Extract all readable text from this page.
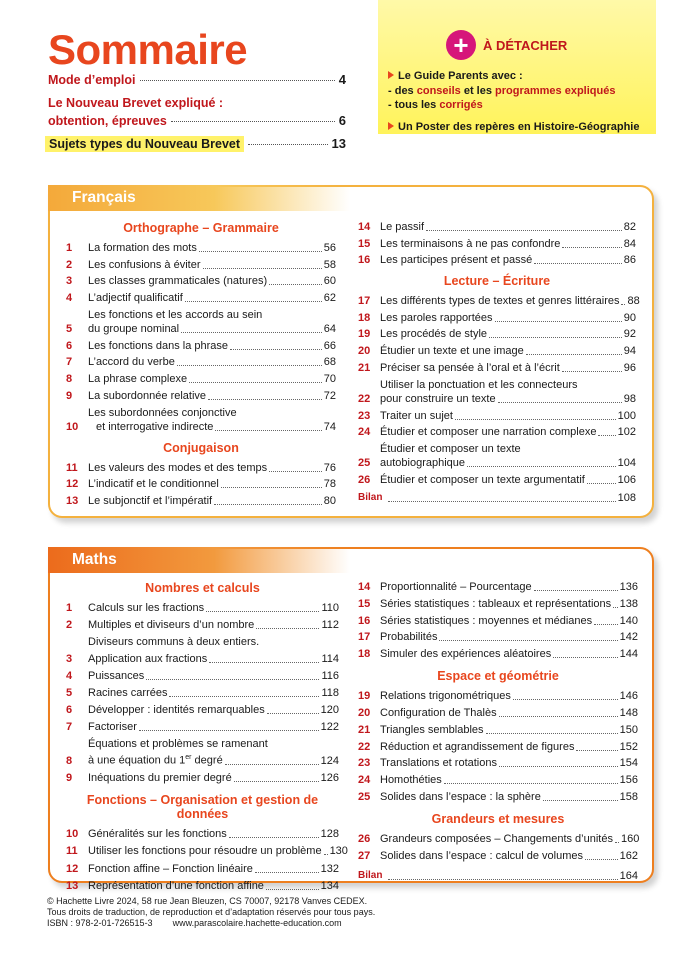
Sommaire
Mode d’emploi	4
Le Nouveau Brevet expliqué :
obtention, épreuves	6
Sujets types du Nouveau Brevet	13
+	À DÉTACHER
Le Guide Parents avec :
- des conseils et les programmes expliqués
- tous les corrigés
Un Poster des repères en Histoire-Géographie
Français
Orthographe – Grammaire
1	La formation des mots	56
2	Les confusions à éviter	58
3	Les classes grammaticales (natures)	60
4	L’adjectif qualificatif	62
5
Les fonctions et les accords au sein
du groupe nominal	64
6	Les fonctions dans la phrase	66
7	L’accord du verbe	68
8	La phrase complexe	70
9	La subordonnée relative	72
10
Les subordonnées conjonctive
et interrogative indirecte	74
Conjugaison
11 Les valeurs des modes et des temps	76
12 L’indicatif et le conditionnel	78
13 Le subjonctif et l’impératif	80
14 Le passif	82
15 Les terminaisons à ne pas confondre	84
16 Les participes présent et passé	86
Lecture – Écriture
17 Les différents types de textes et genres littéraires 88
18 Les paroles rapportées	90
19 Les procédés de style	92
20 Étudier un texte et une image	94
21 Préciser sa pensée à l’oral et à l’écrit	96
22
Utiliser la ponctuation et les connecteurs
pour construire un texte	98
23 Traiter un sujet	100
24 Étudier et composer une narration complexe 102
25
Étudier et composer un texte
autobiographique	104
26 Étudier et composer un texte argumentatif	106
Bilan	108
Maths
Nombres et calculs
1	Calculs sur les fractions	110
2	Multiples et diviseurs d’un nombre	112
3
Diviseurs communs à deux entiers.
Application aux fractions	114
4	Puissances	116
5	Racines carrées	118
6	Développer : identités remarquables	120
7	Factoriser	122
8
Équations et problèmes se ramenant
à une équation du 1er degré	124
9	Inéquations du premier degré	126
Fonctions – Organisation et gestion de données
10 Généralités sur les fonctions	128
11 Utiliser les fonctions pour résoudre un problème 130
12 Fonction affine – Fonction linéaire	132
13 Représentation d’une fonction affine	134
14 Proportionnalité – Pourcentage	136
15 Séries statistiques : tableaux et représentations 138
16 Séries statistiques : moyennes et médianes 140
17 Probabilités	142
18 Simuler des expériences aléatoires	144
Espace et géométrie
19 Relations trigonométriques	146
20 Configuration de Thalès	148
21 Triangles semblables	150
22 Réduction et agrandissement de figures	152
23 Translations et rotations	154
24 Homothéties	156
25 Solides dans l’espace : la sphère	158
Grandeurs et mesures
26 Grandeurs composées – Changements d’unités 160
27 Solides dans l’espace : calcul de volumes	162
Bilan	164
© Hachette Livre 2024, 58 rue Jean Bleuzen, CS 70007, 92178 Vanves CEDEX.
Tous droits de traduction, de reproduction et d’adaptation réservés pour tous pays.
ISBN : 978-2-01-726515-3 www.parascolaire.hachette-education.com
